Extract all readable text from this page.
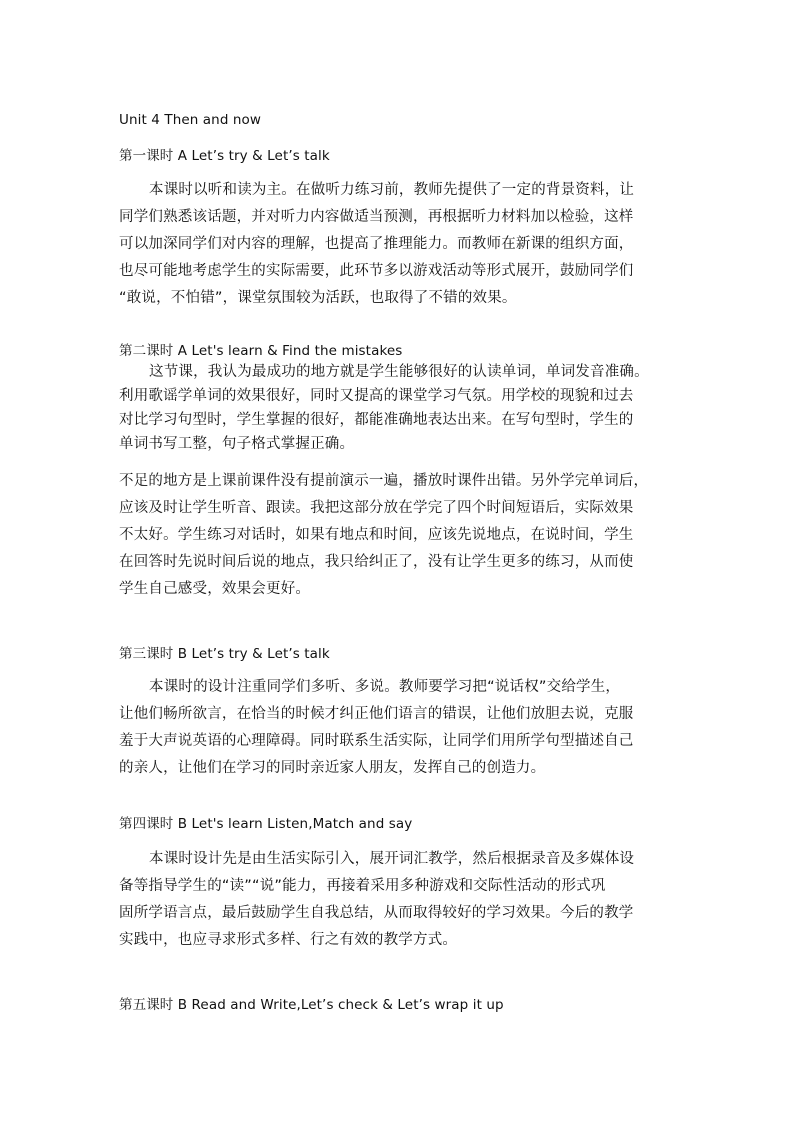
Unit 4 Then and now
第一课时 A Let’s try & Let’s talk
本课时以听和读为主。在做听力练习前，教师先提供了一定的背景资料，让
同学们熟悉该话题，并对听力内容做适当预测，再根据听力材料加以检验，这样
可以加深同学们对内容的理解，也提高了推理能力。而教师在新课的组织方面，
也尽可能地考虑学生的实际需要，此环节多以游戏活动等形式展开，鼓励同学们
“敢说，不怕错”，课堂氛围较为活跃，也取得了不错的效果。
第二课时 A Let's learn & Find the mistakes
这节课，我认为最成功的地方就是学生能够很好的认读单词，单词发音准确。
利用歌谣学单词的效果很好，同时又提高的课堂学习气氛。用学校的现貌和过去
对比学习句型时，学生掌握的很好，都能准确地表达出来。在写句型时，学生的
单词书写工整，句子格式掌握正确。
不足的地方是上课前课件没有提前演示一遍，播放时课件出错。另外学完单词后，
应该及时让学生听音、跟读。我把这部分放在学完了四个时间短语后，实际效果
不太好。学生练习对话时，如果有地点和时间，应该先说地点，在说时间，学生
在回答时先说时间后说的地点，我只给纠正了，没有让学生更多的练习，从而使
学生自己感受，效果会更好。
第三课时 B Let’s try & Let’s talk
本课时的设计注重同学们多听、多说。教师要学习把“说话权”交给学生，
让他们畅所欲言，在恰当的时候才纠正他们语言的错误，让他们放胆去说，克服
羞于大声说英语的心理障碍。同时联系生活实际，让同学们用所学句型描述自己
的亲人，让他们在学习的同时亲近家人朋友，发挥自己的创造力。
第四课时 B Let's learn Listen,Match and say
本课时设计先是由生活实际引入，展开词汇教学，然后根据录音及多媒体设
备等指导学生的“读”“说”能力，再接着采用多种游戏和交际性活动的形式巩
固所学语言点，最后鼓励学生自我总结，从而取得较好的学习效果。今后的教学
实践中，也应寻求形式多样、行之有效的教学方式。
第五课时 B Read and Write,Let’s check & Let’s wrap it up
